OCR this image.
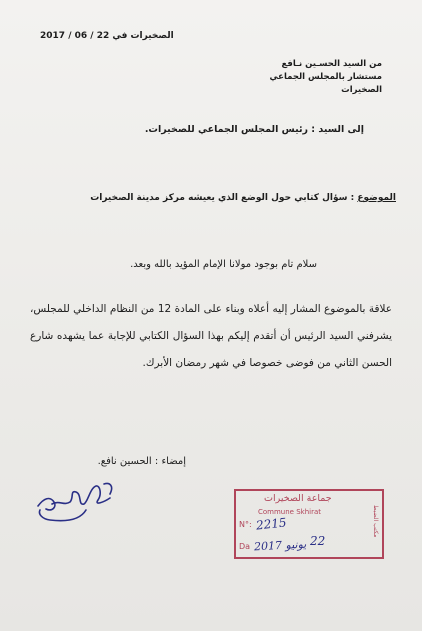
الصخيرات في 22 / 06 / 2017
من السيد الحسـين نـافع
مستشار بالمجلس الجماعي
الصخيرات
إلى السيد : رئيس المجلس الجماعي للصخيرات.
الموضوع : سؤال كتابي حول الوضع الذي يعيشه مركز مدينة الصخيرات
سلام تام بوجود مولانا الإمام المؤيد بالله وبعد.
علاقة بالموضوع المشار إليه أعلاه وبناء على المادة 12 من النظام الداخلي للمجلس، يشرفني السيد الرئيس أن أتقدم إليكم بهذا السؤال الكتابي للإجابة عما يشهده شارع الحسن الثاني من فوضى خصوصا في شهر رمضان الأبرك.
إمضاء : الحسين نافع.
جماعة الصخيرات
Commune Skhirat
N°:
Da
مكتب الضبط
2215
2017 يونيو 22
